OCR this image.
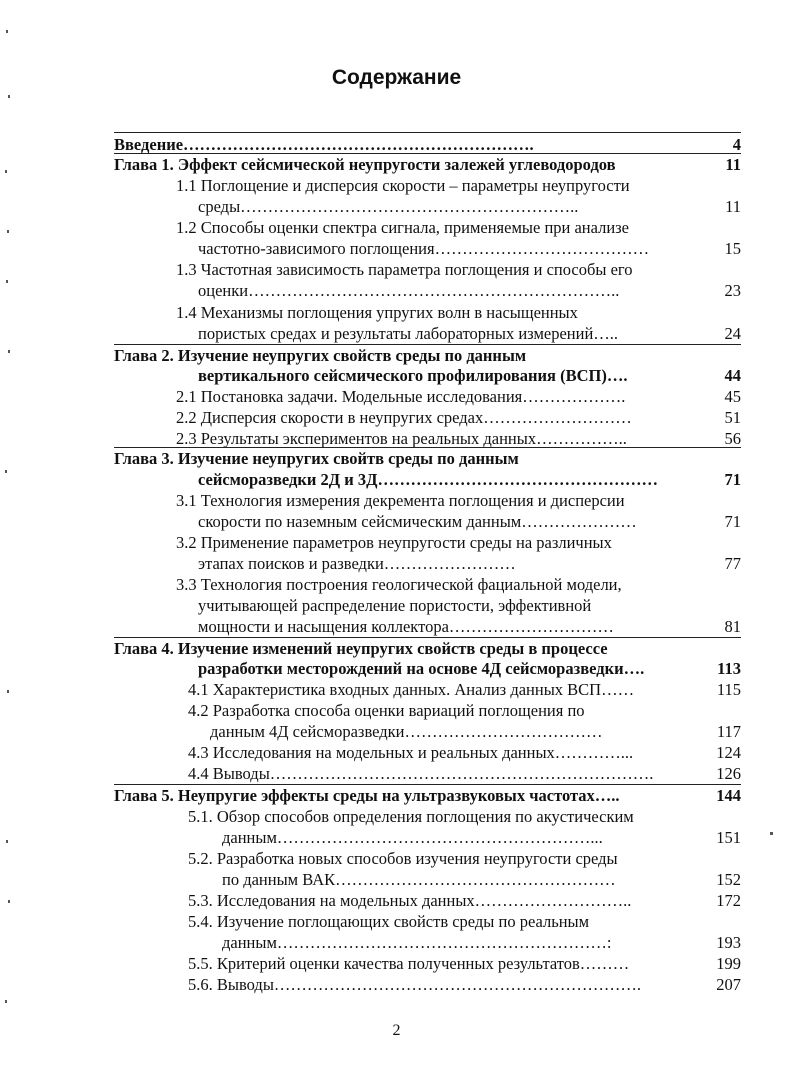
Содержание
Введение……………………………………………………….	4
Глава 1. Эффект сейсмической неупругости залежей углеводородов	11
1.1 Поглощение и дисперсия скорости – параметры неупругости
среды……………………………………………………..	11
1.2 Способы оценки спектра сигнала, применяемые при анализе
частотно-зависимого поглощения…………………………………	15
1.3 Частотная зависимость параметра поглощения и способы его
оценки…………………………………………………………..	23
1.4 Механизмы поглощения упругих волн в насыщенных
пористых средах и результаты лабораторных измерений…..	24
Глава 2. Изучение неупругих свойств среды по данным
вертикального сейсмического профилирования (ВСП)….	44
2.1 Постановка задачи. Модельные исследования……………….	45
2.2 Дисперсия скорости в неупругих средах………………………	51
2.3 Результаты экспериментов на реальных данных……………..	56
Глава 3. Изучение неупругих свойтв среды по данным
сейсморазведки 2Д и 3Д……………………………………………	71
3.1 Технология измерения декремента поглощения и дисперсии
скорости по наземным сейсмическим данным…………………	71
3.2 Применение параметров неупругости среды на различных
этапах поисков и разведки……………………	77
3.3 Технология построения геологической фациальной модели,
учитывающей распределение пористости, эффективной
мощности и насыщения коллектора…………………………	81
Глава 4. Изучение изменений неупругих свойств среды в процессе
разработки месторождений на основе 4Д сейсморазведки….	113
4.1 Характеристика входных данных. Анализ данных ВСП……	115
4.2 Разработка способа оценки вариаций поглощения по
данным 4Д сейсморазведки………………………………	117
4.3 Исследования на модельных и реальных данных…………...	124
4.4 Выводы…………………………………………………………….	126
Глава 5. Неупругие эффекты среды на ультразвуковых частотах…..	144
5.1. Обзор способов определения поглощения по акустическим
данным…………………………………………………...	151
5.2. Разработка новых способов изучения неупругости среды
по данным ВАК……………………………………………	152
5.3. Исследования на модельных данных………………………..	172
5.4. Изучение поглощающих свойств среды по реальным
данным……………………………………………………:	193
5.5. Критерий оценки качества полученных результатов………	199
5.6. Выводы………………………………………………………….	207
2
